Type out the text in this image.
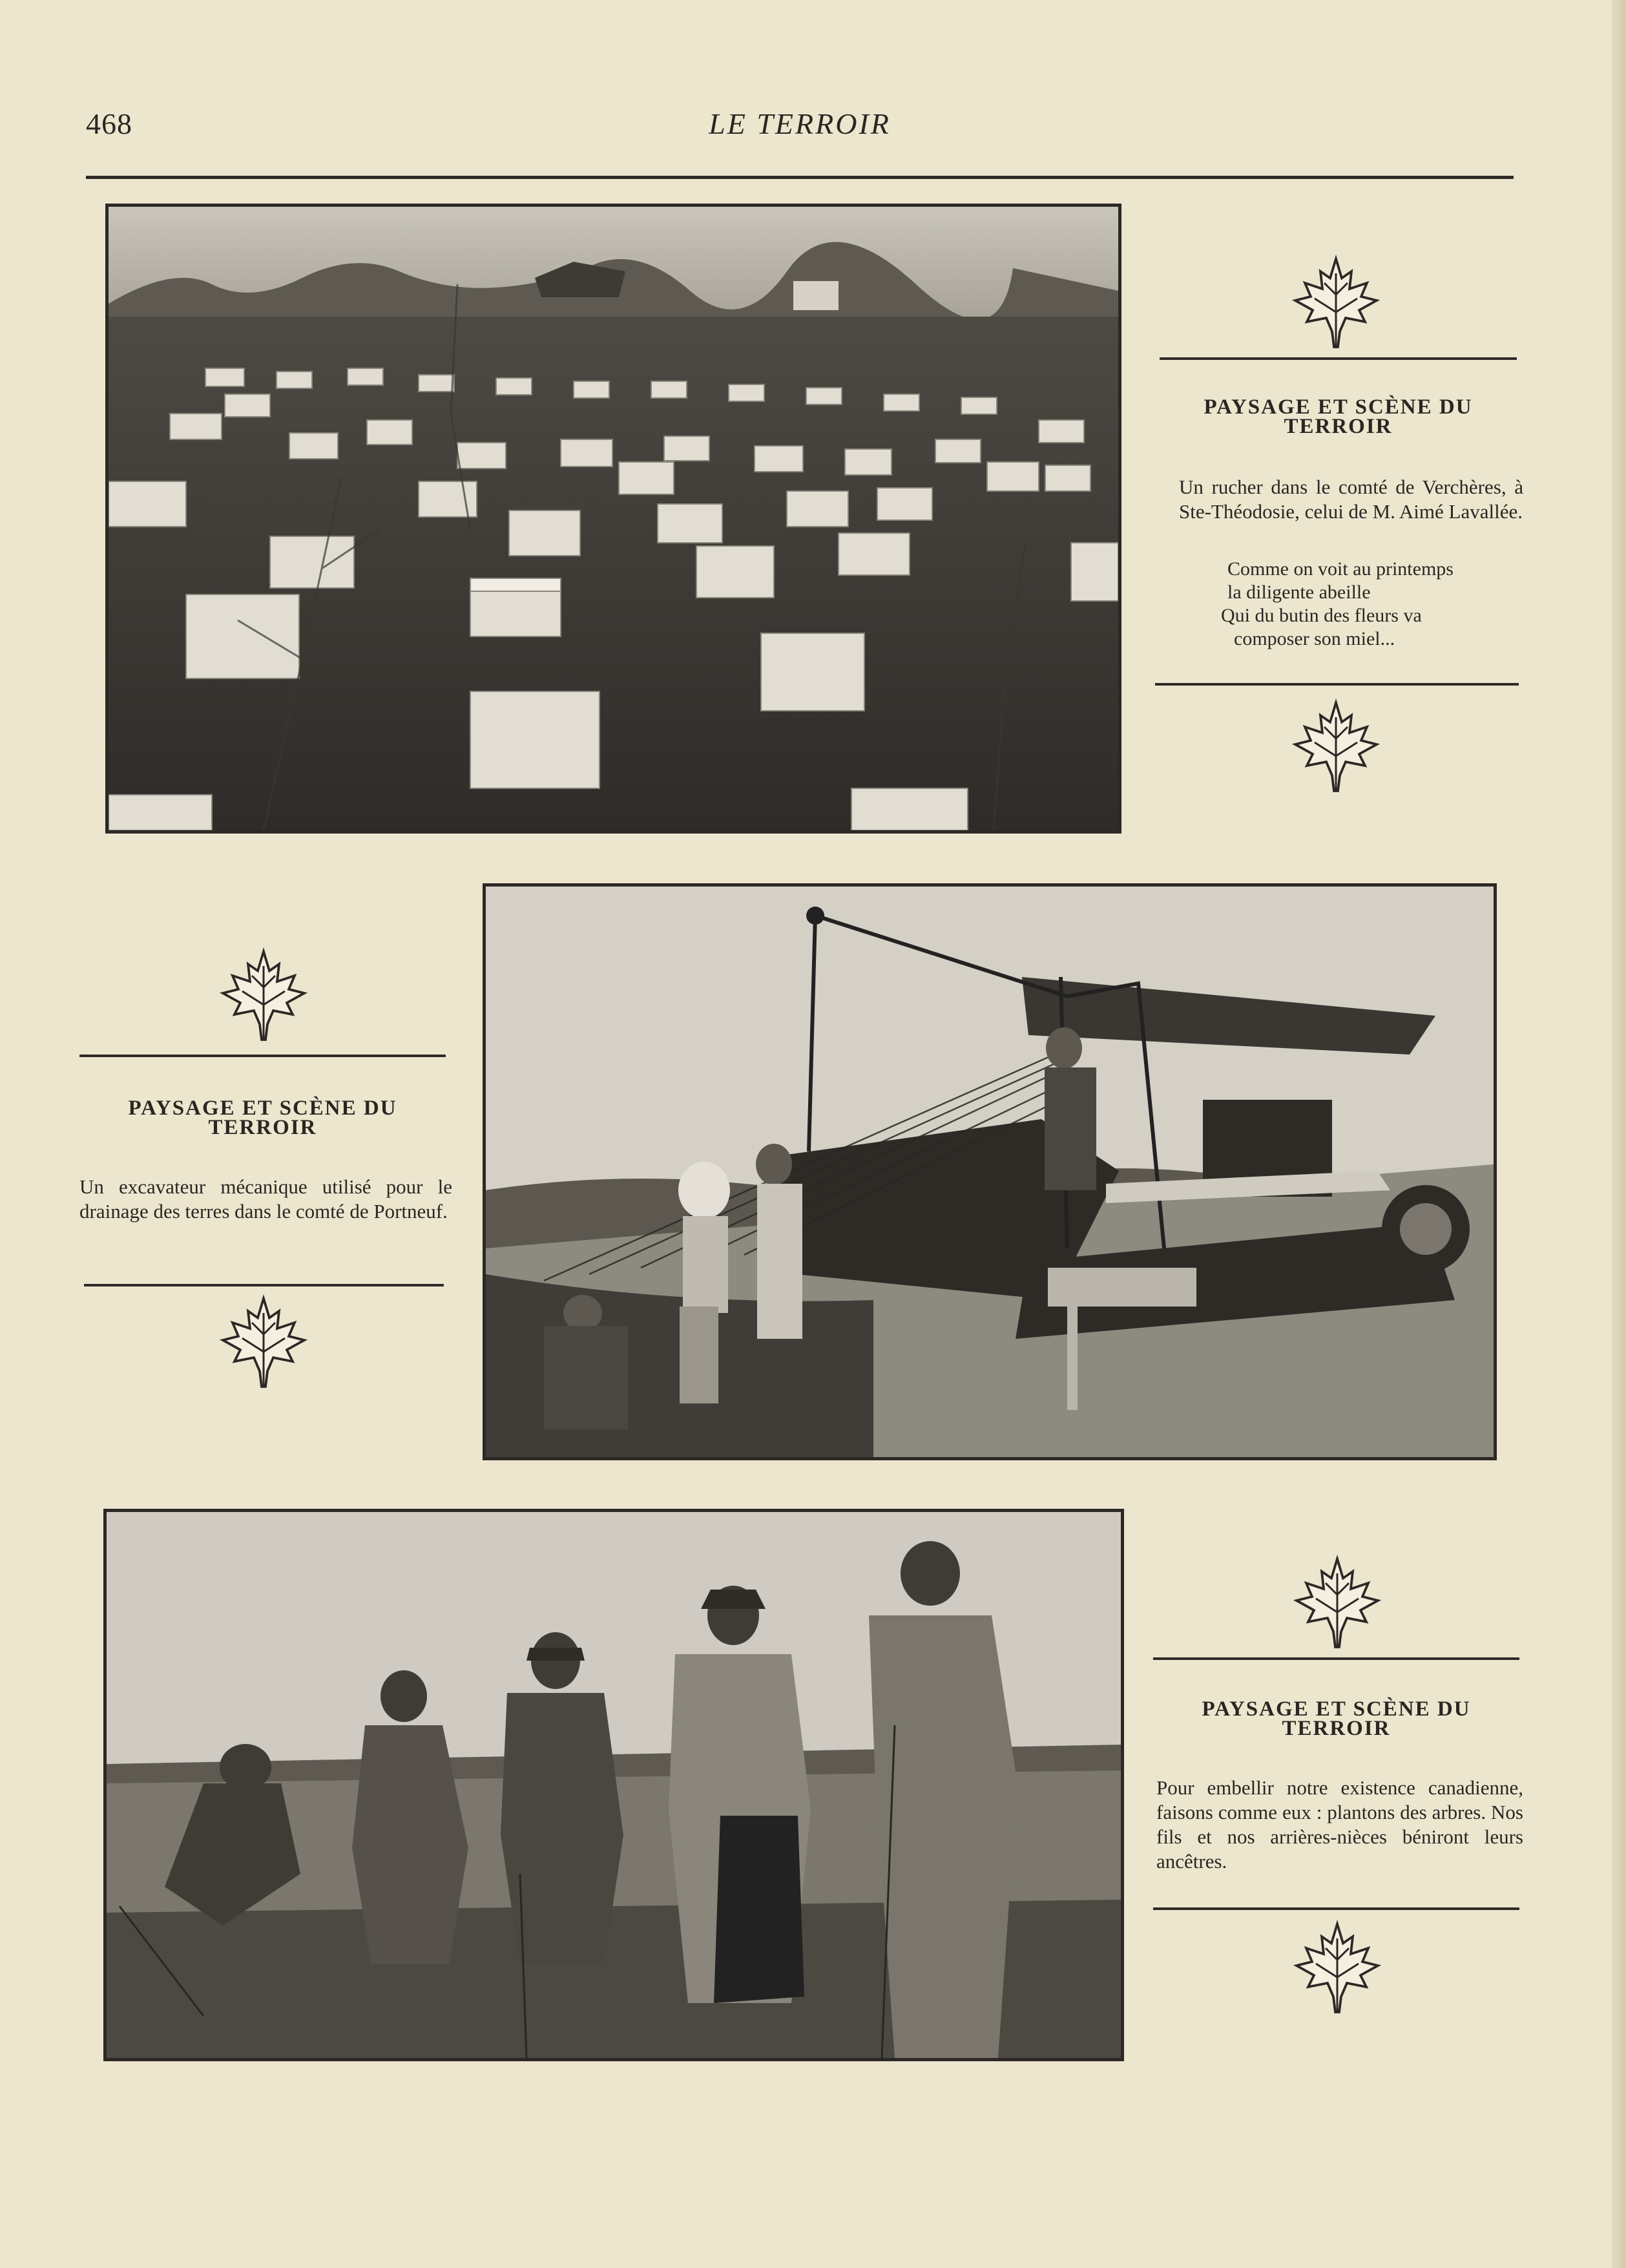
468	LE TERROIR
PAYSAGE ET SCÈNE DU
TERROIR
Un rucher dans le comté de Verchères, à Ste-Théodosie, celui de M. Aimé Lavallée.
Comme on voit au printemps
la diligente abeille
Qui du butin des fleurs va
composer son miel...
PAYSAGE ET SCÈNE DU
TERROIR
Un excavateur mécanique utilisé pour le drainage des terres dans le comté de Portneuf.
PAYSAGE ET SCÈNE DU
TERROIR
Pour embellir notre existence canadienne, faisons comme eux : plantons des arbres. Nos fils et nos arrières-nièces béniront leurs ancêtres.
